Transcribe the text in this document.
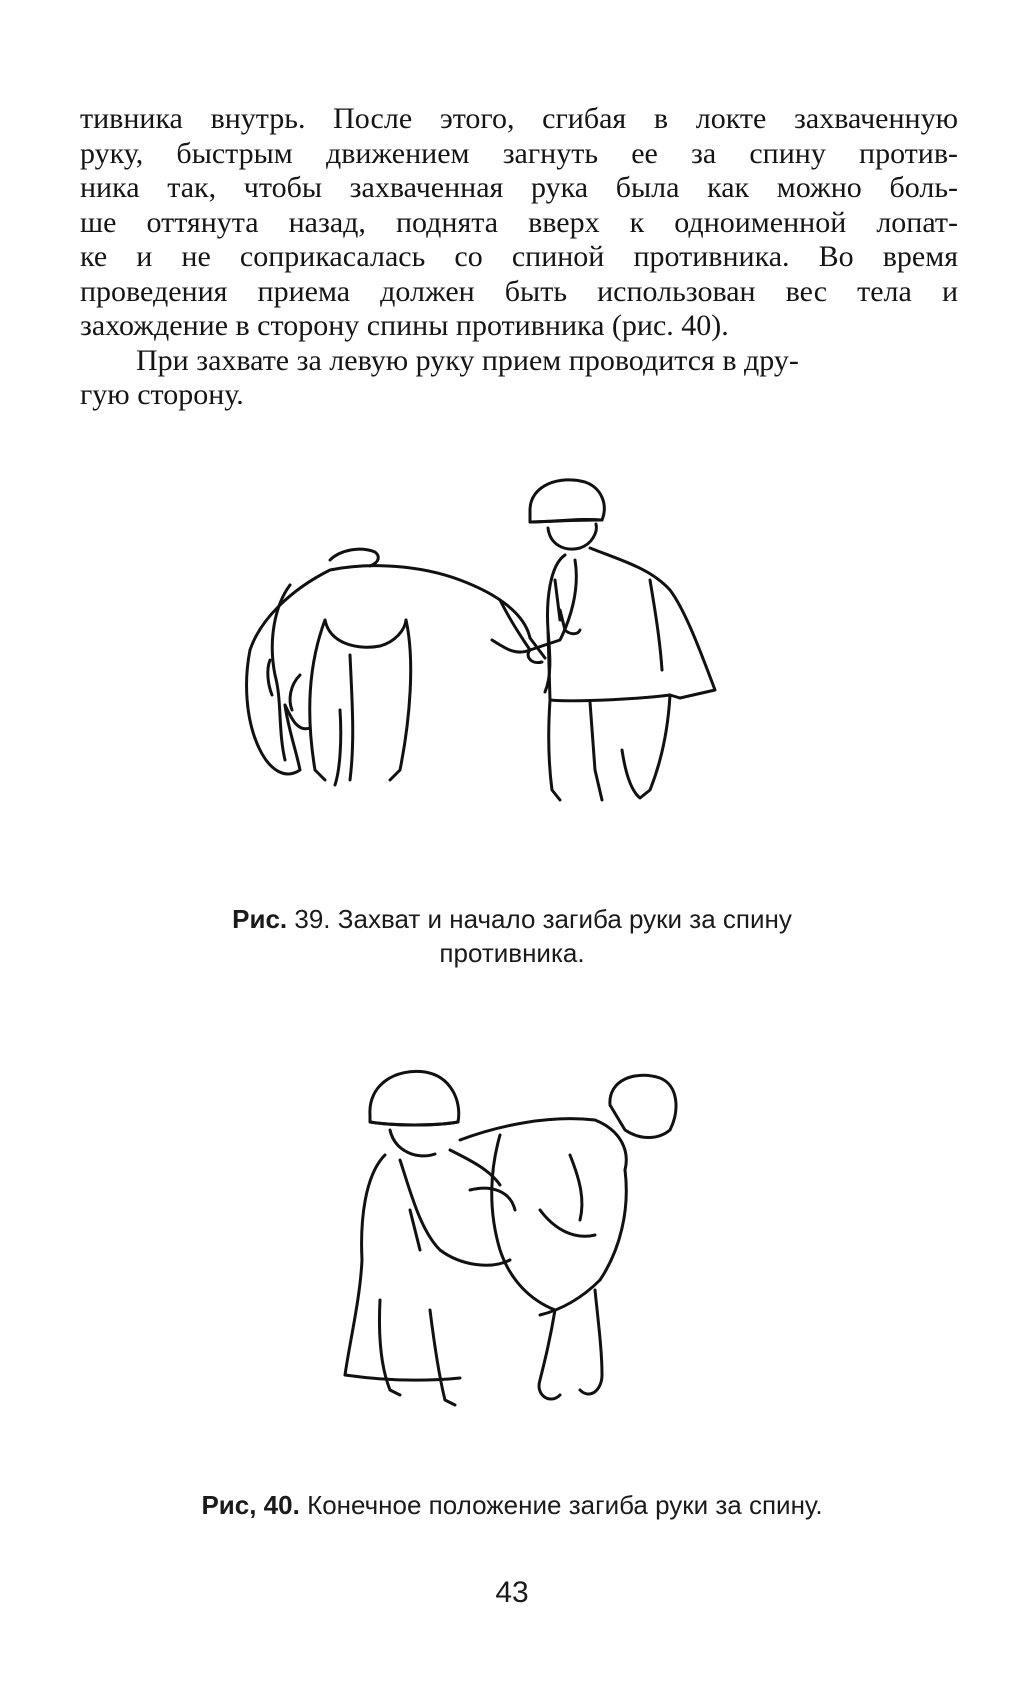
тивника внутрь. После этого, сгибая в локте захваченную
руку, быстрым движением загнуть ее за спину против-
ника так, чтобы захваченная рука была как можно боль-
ше оттянута назад, поднята вверх к одноименной лопат-
ке и не соприкасалась со спиной противника. Во время
проведения приема должен быть использован вес тела и
захождение в сторону спины противника (рис. 40).
При захвате за левую руку прием проводится в дру-
гую сторону.
Рис. 39. Захват и начало загиба руки за спину
противника.
Рис, 40. Конечное положение загиба руки за спину.
43
